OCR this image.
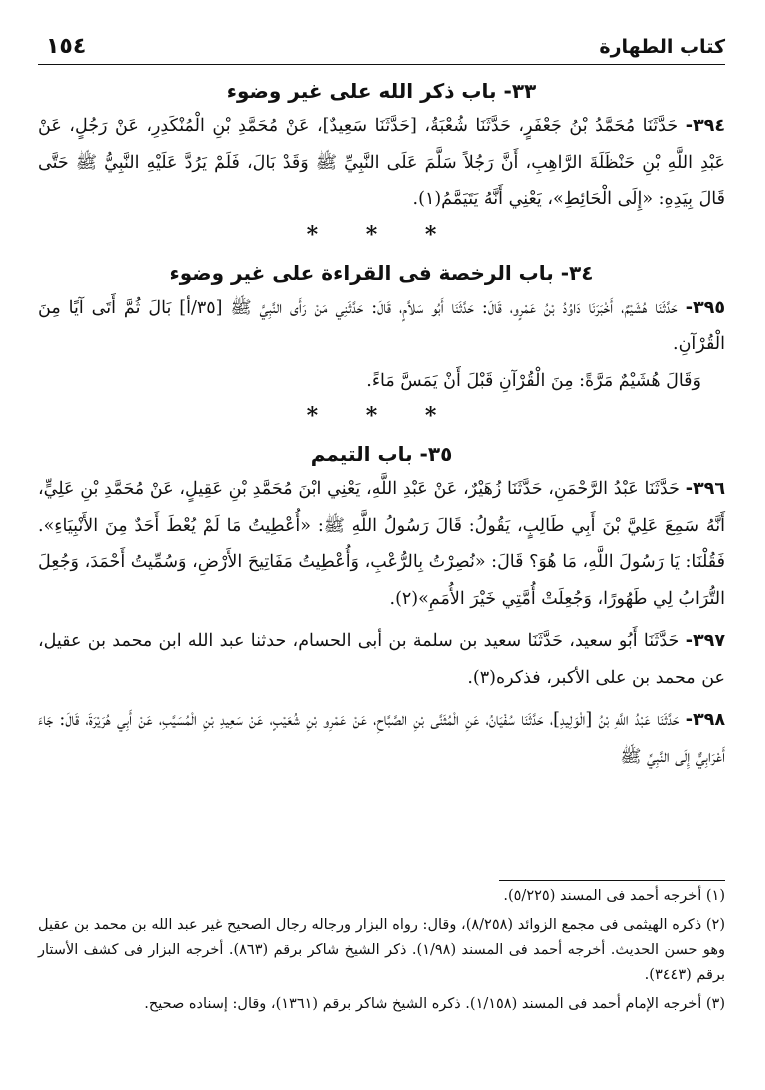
كتاب الطهارة
١٥٤
٣٣- باب ذكر الله على غير وضوء

٣٩٤- حَدَّثَنَا مُحَمَّدُ بْنُ جَعْفَرٍ، حَدَّثَنَا شُعْبَةُ، [حَدَّثَنَا سَعِيدٌ]، عَنْ مُحَمَّدِ بْنِ الْمُنْكَدِرِ، عَنْ رَجُلٍ، عَنْ عَبْدِ اللَّهِ بْنِ حَنْظَلَةَ الرَّاهِبِ، أَنَّ رَجُلاً سَلَّمَ عَلَى النَّبِيِّ ﷺ وَقَدْ بَالَ، فَلَمْ يَرُدَّ عَلَيْهِ النَّبِيُّ ﷺ حَتَّى قَالَ بِيَدِهِ: «إِلَى الْحَائِطِ»، يَعْنِي أَنَّهُ يَتَيَمَّمُ(١).

* * *

٣٤- باب الرخصة فى القراءة على غير وضوء

٣٩٥- حَدَّثَنَا هُشَيْمٌ، أَخْبَرَنَا دَاوُدُ بْنُ عَمْرٍو، قَالَ: حَدَّثَنَا أَبُو سَلاَّمٍ، قَالَ: حَدَّثَنِي مَنْ رَأَى النَّبِيَّ ﷺ [٣٥/أ] بَالَ ثُمَّ أَتَى آيًا مِنَ الْقُرْآنِ.

وَقَالَ هُشَيْمٌ مَرَّةً: مِنَ الْقُرْآنِ قَبْلَ أَنْ يَمَسَّ مَاءً.

* * *

٣٥- باب التيمم

٣٩٦- حَدَّثَنَا عَبْدُ الرَّحْمَنِ، حَدَّثَنَا زُهَيْرٌ، عَنْ عَبْدِ اللَّهِ، يَعْنِي ابْنَ مُحَمَّدِ بْنِ عَقِيلٍ، عَنْ مُحَمَّدِ بْنِ عَلِيٍّ، أَنَّهُ سَمِعَ عَلِيَّ بْنَ أَبِي طَالِبٍ، يَقُولُ: قَالَ رَسُولُ اللَّهِ ﷺ: «أُعْطِيتُ مَا لَمْ يُعْطَ أَحَدٌ مِنَ الأَنْبِيَاءِ». فَقُلْنَا: يَا رَسُولَ اللَّهِ، مَا هُوَ؟ قَالَ: «نُصِرْتُ بِالرُّعْبِ، وَأُعْطِيتُ مَفَاتِيحَ الأَرْضِ، وَسُمِّيتُ أَحْمَدَ، وَجُعِلَ التُّرَابُ لِي طَهُورًا، وَجُعِلَتْ أُمَّتِي خَيْرَ الأُمَمِ»(٢).

٣٩٧- حَدَّثَنَا أَبُو سعيد، حَدَّثَنَا سعيد بن سلمة بن أبى الحسام، حدثنا عبد الله ابن محمد بن عقيل، عن محمد بن على الأكبر، فذكره(٣).

٣٩٨- حَدَّثَنَا عَبْدُ اللَّهِ بْنُ [الْوَلِيدِ]، حَدَّثَنَا سُفْيَانُ، عَنِ الْمُثَنَّى بْنِ الصَّبَّاحِ، عَنْ عَمْرِو بْنِ شُعَيْبٍ، عَنْ سَعِيدِ بْنِ الْمُسَيَّبِ، عَنْ أَبِي هُرَيْرَةَ، قَالَ: جَاءَ أَعْرَابِيٌّ إِلَى النَّبِيِّ ﷺ

(١) أخرجه أحمد فى المسند (٥/٢٢٥).

(٢) ذكره الهيثمى فى مجمع الزوائد (٨/٢٥٨)، وقال: رواه البزار ورجاله رجال الصحيح غير عبد الله بن محمد بن عقيل وهو حسن الحديث. أخرجه أحمد فى المسند (١/٩٨). ذكر الشيخ شاكر برقم (٨٦٣). أخرجه البزار فى كشف الأستار برقم (٣٤٤٣).

(٣) أخرجه الإمام أحمد فى المسند (١/١٥٨). ذكره الشيخ شاكر برقم (١٣٦١)، وقال: إسناده صحيح.
